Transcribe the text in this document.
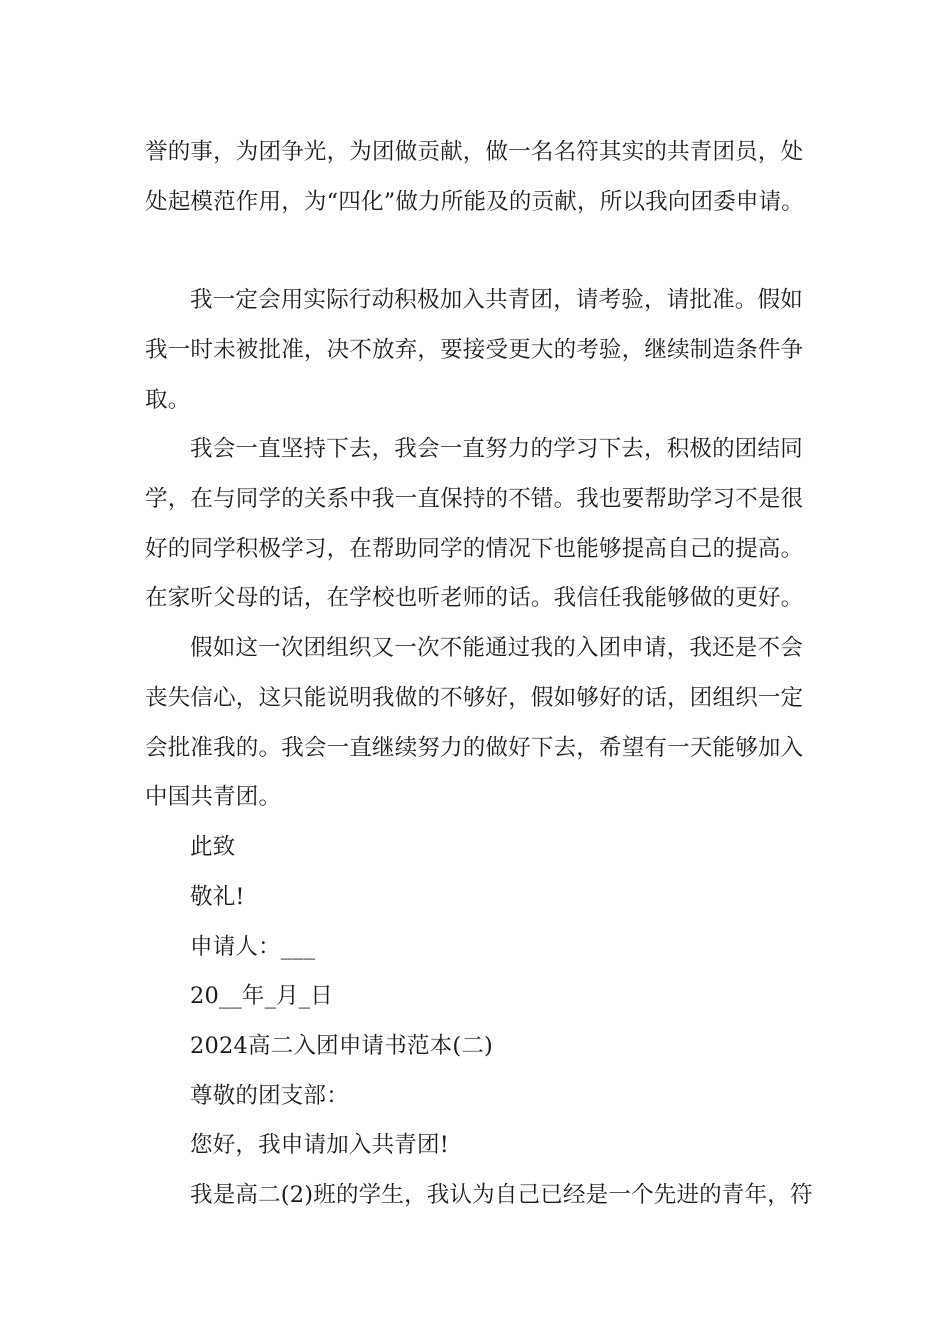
誉的事，为团争光，为团做贡献，做一名名符其实的共青团员，处
处起模范作用，为“四化”做力所能及的贡献，所以我向团委申请。
我一定会用实际行动积极加入共青团，请考验，请批准。假如
我一时未被批准，决不放弃，要接受更大的考验，继续制造条件争
取。
我会一直坚持下去，我会一直努力的学习下去，积极的团结同
学，在与同学的关系中我一直保持的不错。我也要帮助学习不是很
好的同学积极学习，在帮助同学的情况下也能够提高自己的提高。
在家听父母的话，在学校也听老师的话。我信任我能够做的更好。
假如这一次团组织又一次不能通过我的入团申请，我还是不会
丧失信心，这只能说明我做的不够好，假如够好的话，团组织一定
会批准我的。我会一直继续努力的做好下去，希望有一天能够加入
中国共青团。
此致
敬礼!
申请人：___
20__年_月_日
2024高二入团申请书范本(二)
尊敬的团支部：
您好，我申请加入共青团!
我是高二(2)班的学生，我认为自己已经是一个先进的青年，符
